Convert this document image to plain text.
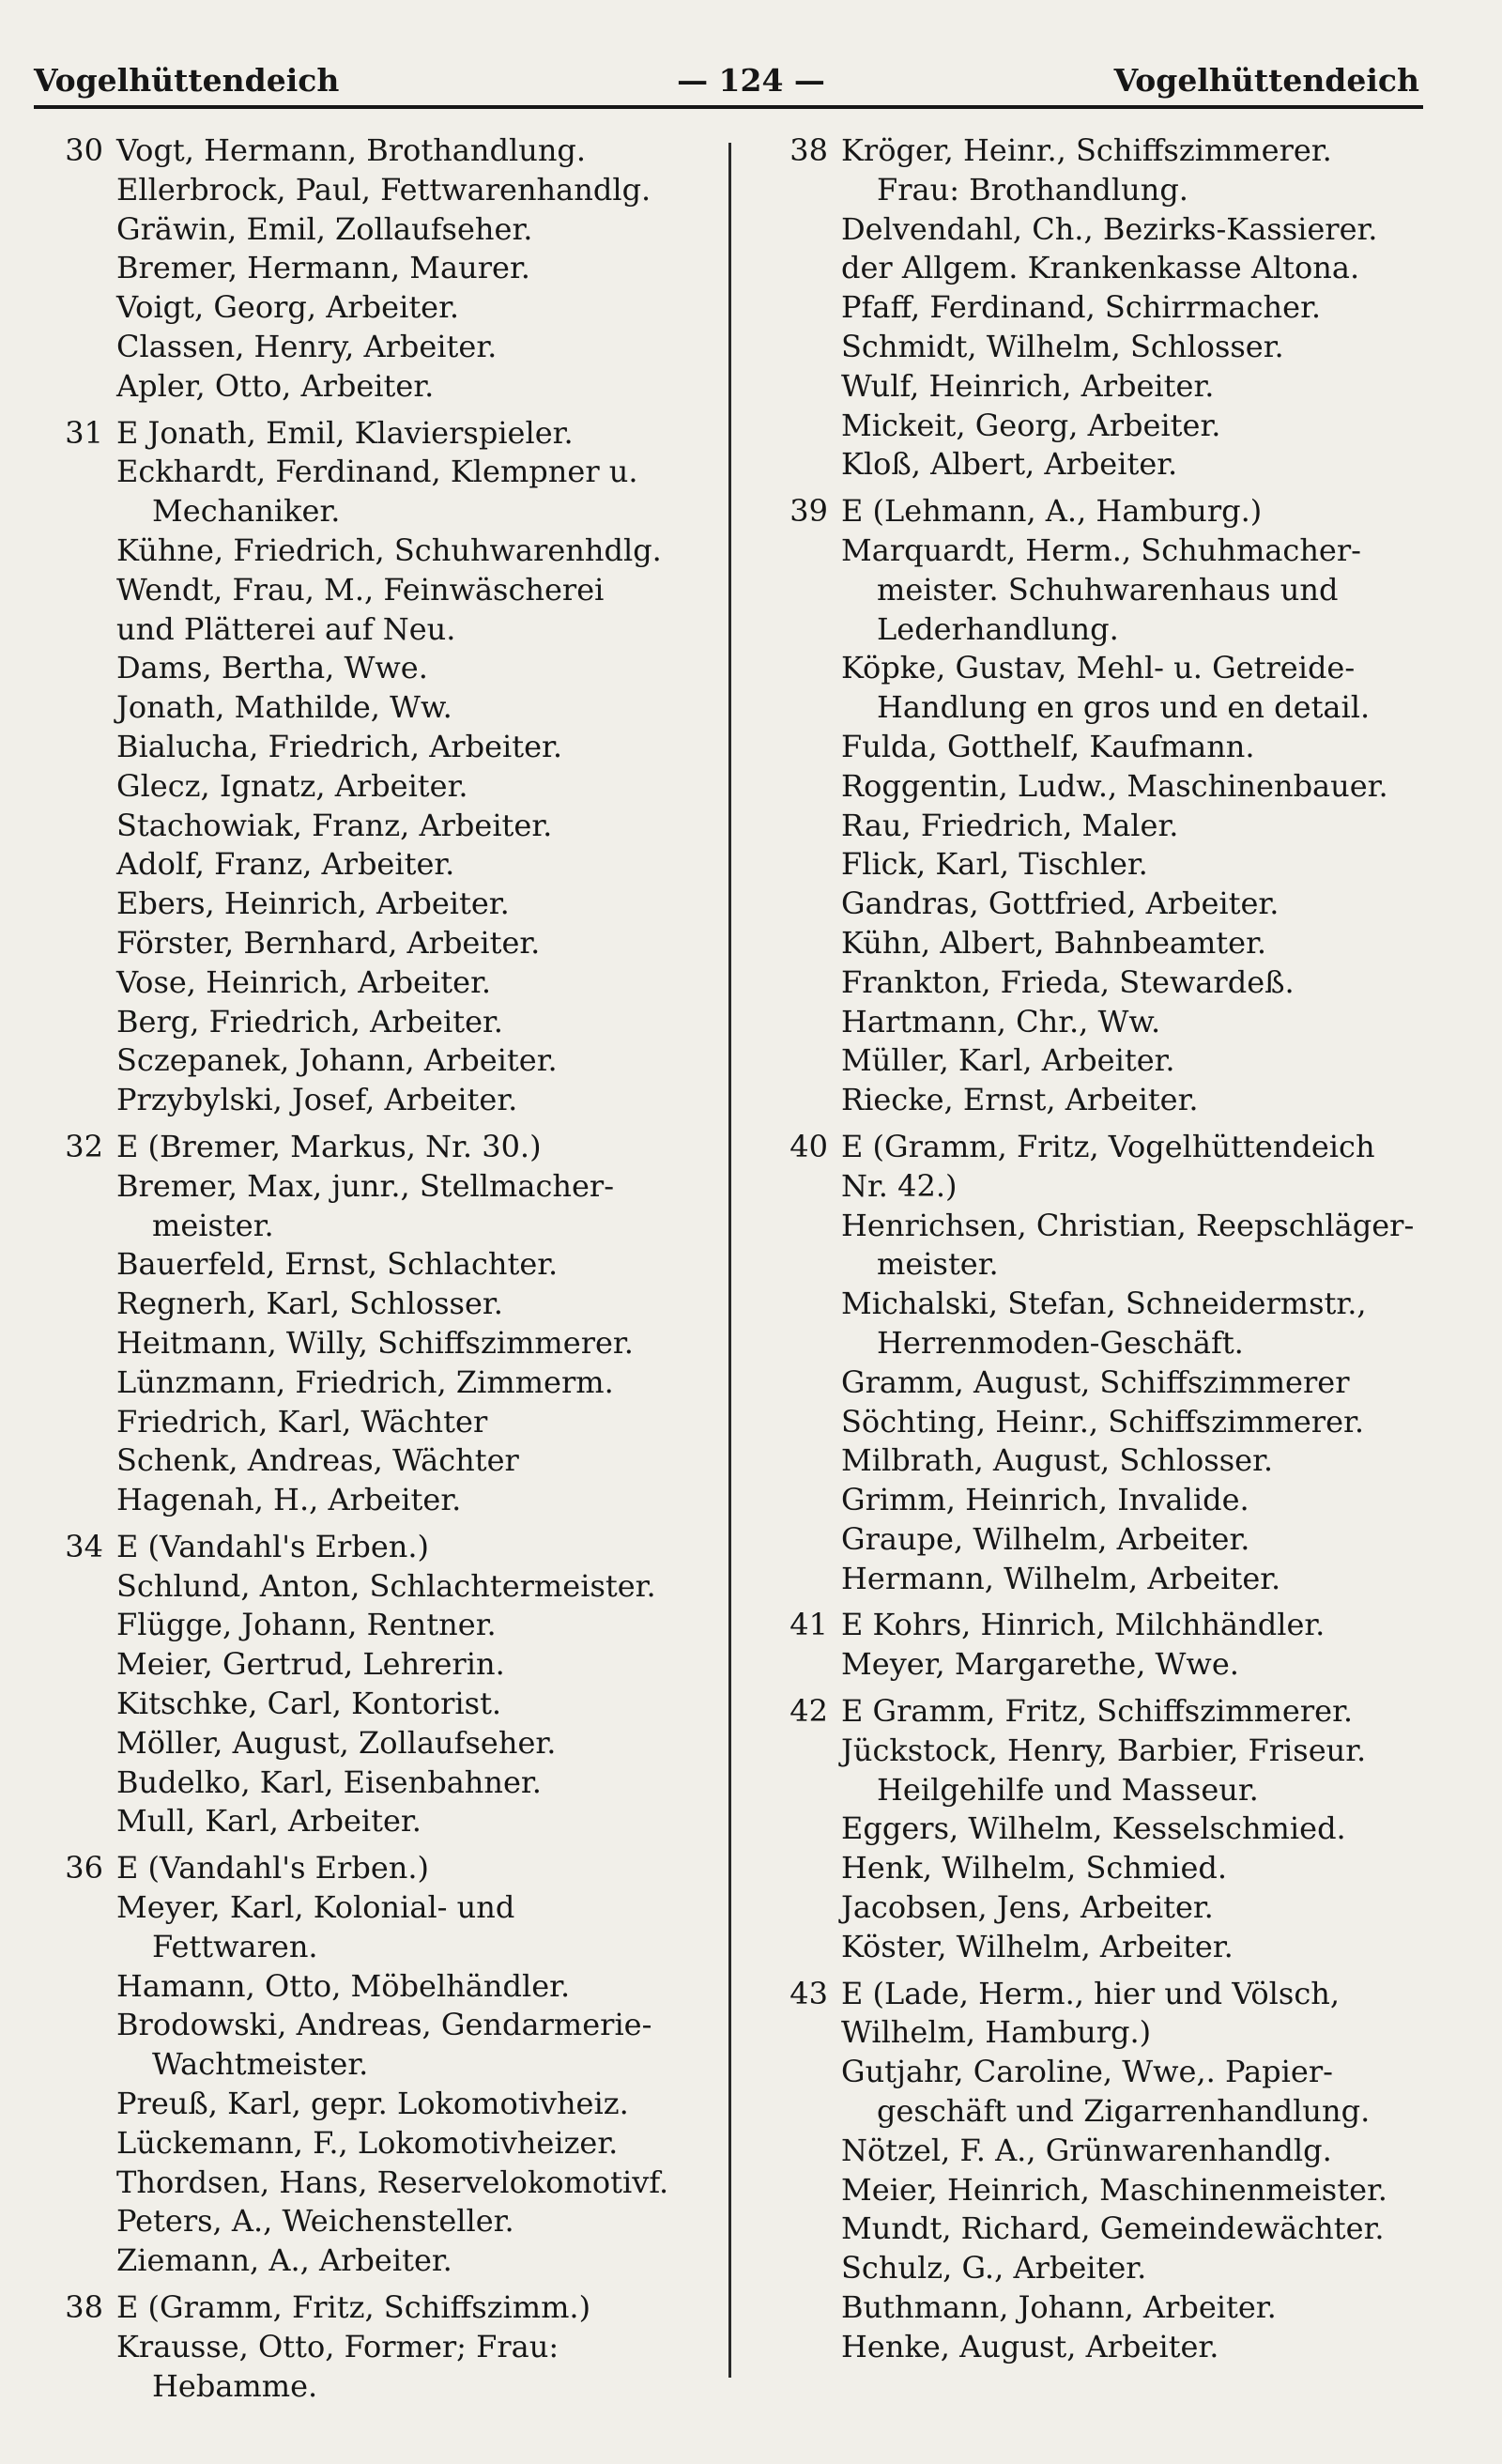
Vogelhüttendeich	— 124 —	Vogelhüttendeich
30 Vogt, Hermann, Brothandlung.
Ellerbrock, Paul, Fettwarenhandlg.
Gräwin, Emil, Zollaufseher.
Bremer, Hermann, Maurer.
Voigt, Georg, Arbeiter.
Classen, Henry, Arbeiter.
Apler, Otto, Arbeiter.
31 E Jonath, Emil, Klavierspieler.
Eckhardt, Ferdinand, Klempner u.
Mechaniker.
Kühne, Friedrich, Schuhwarenhdlg.
Wendt, Frau, M., Feinwäscherei
und Plätterei auf Neu.
Dams, Bertha, Wwe.
Jonath, Mathilde, Ww.
Bialucha, Friedrich, Arbeiter.
Glecz, Ignatz, Arbeiter.
Stachowiak, Franz, Arbeiter.
Adolf, Franz, Arbeiter.
Ebers, Heinrich, Arbeiter.
Förster, Bernhard, Arbeiter.
Vose, Heinrich, Arbeiter.
Berg, Friedrich, Arbeiter.
Sczepanek, Johann, Arbeiter.
Przybylski, Josef, Arbeiter.
32 E (Bremer, Markus, Nr. 30.)
Bremer, Max, junr., Stellmacher-
meister.
Bauerfeld, Ernst, Schlachter.
Regnerh, Karl, Schlosser.
Heitmann, Willy, Schiffszimmerer.
Lünzmann, Friedrich, Zimmerm.
Friedrich, Karl, Wächter
Schenk, Andreas, Wächter
Hagenah, H., Arbeiter.
34 E (Vandahl's Erben.)
Schlund, Anton, Schlachtermeister.
Flügge, Johann, Rentner.
Meier, Gertrud, Lehrerin.
Kitschke, Carl, Kontorist.
Möller, August, Zollaufseher.
Budelko, Karl, Eisenbahner.
Mull, Karl, Arbeiter.
36 E (Vandahl's Erben.)
Meyer, Karl, Kolonial- und
Fettwaren.
Hamann, Otto, Möbelhändler.
Brodowski, Andreas, Gendarmerie-
Wachtmeister.
Preuß, Karl, gepr. Lokomotivheiz.
Lückemann, F., Lokomotivheizer.
Thordsen, Hans, Reservelokomotivf.
Peters, A., Weichensteller.
Ziemann, A., Arbeiter.
38 E (Gramm, Fritz, Schiffszimm.)
Krausse, Otto, Former; Frau:
Hebamme.
38 Kröger, Heinr., Schiffszimmerer.
Frau: Brothandlung.
Delvendahl, Ch., Bezirks-Kassierer.
der Allgem. Krankenkasse Altona.
Pfaff, Ferdinand, Schirrmacher.
Schmidt, Wilhelm, Schlosser.
Wulf, Heinrich, Arbeiter.
Mickeit, Georg, Arbeiter.
Kloß, Albert, Arbeiter.
39 E (Lehmann, A., Hamburg.)
Marquardt, Herm., Schuhmacher-
meister. Schuhwarenhaus und
Lederhandlung.
Köpke, Gustav, Mehl- u. Getreide-
Handlung en gros und en detail.
Fulda, Gotthelf, Kaufmann.
Roggentin, Ludw., Maschinenbauer.
Rau, Friedrich, Maler.
Flick, Karl, Tischler.
Gandras, Gottfried, Arbeiter.
Kühn, Albert, Bahnbeamter.
Frankton, Frieda, Stewardeß.
Hartmann, Chr., Ww.
Müller, Karl, Arbeiter.
Riecke, Ernst, Arbeiter.
40 E (Gramm, Fritz, Vogelhüttendeich
Nr. 42.)
Henrichsen, Christian, Reepschläger-
meister.
Michalski, Stefan, Schneidermstr.,
Herrenmoden-Geschäft.
Gramm, August, Schiffszimmerer
Söchting, Heinr., Schiffszimmerer.
Milbrath, August, Schlosser.
Grimm, Heinrich, Invalide.
Graupe, Wilhelm, Arbeiter.
Hermann, Wilhelm, Arbeiter.
41 E Kohrs, Hinrich, Milchhändler.
Meyer, Margarethe, Wwe.
42 E Gramm, Fritz, Schiffszimmerer.
Jückstock, Henry, Barbier, Friseur.
Heilgehilfe und Masseur.
Eggers, Wilhelm, Kesselschmied.
Henk, Wilhelm, Schmied.
Jacobsen, Jens, Arbeiter.
Köster, Wilhelm, Arbeiter.
43 E (Lade, Herm., hier und Völsch,
Wilhelm, Hamburg.)
Gutjahr, Caroline, Wwe,. Papier-
geschäft und Zigarrenhandlung.
Nötzel, F. A., Grünwarenhandlg.
Meier, Heinrich, Maschinenmeister.
Mundt, Richard, Gemeindewächter.
Schulz, G., Arbeiter.
Buthmann, Johann, Arbeiter.
Henke, August, Arbeiter.
